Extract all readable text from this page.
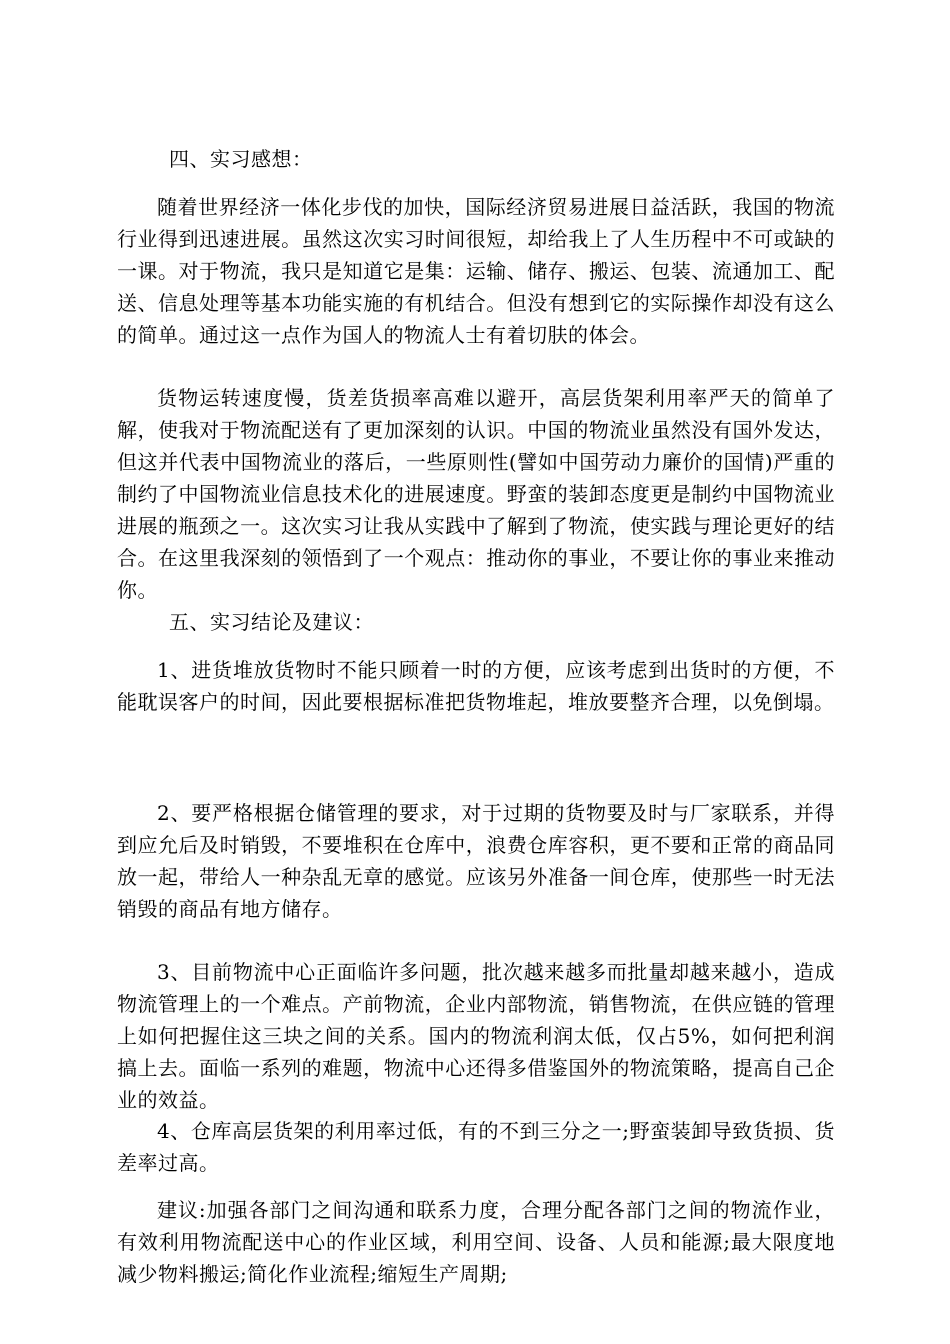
四、实习感想：

随着世界经济一体化步伐的加快，国际经济贸易进展日益活跃，我国的物流行业得到迅速进展。虽然这次实习时间很短，却给我上了人生历程中不可或缺的一课。对于物流，我只是知道它是集：运输、储存、搬运、包装、流通加工、配送、信息处理等基本功能实施的有机结合。但没有想到它的实际操作却没有这么的简单。通过这一点作为国人的物流人士有着切肤的体会。

货物运转速度慢，货差货损率高难以避开，高层货架利用率严天的简单了解，使我对于物流配送有了更加深刻的认识。中国的物流业虽然没有国外发达，但这并代表中国物流业的落后，一些原则性(譬如中国劳动力廉价的国情)严重的制约了中国物流业信息技术化的进展速度。野蛮的装卸态度更是制约中国物流业进展的瓶颈之一。这次实习让我从实践中了解到了物流，使实践与理论更好的结合。在这里我深刻的领悟到了一个观点：推动你的事业，不要让你的事业来推动你。

五、实习结论及建议：

1、进货堆放货物时不能只顾着一时的方便，应该考虑到出货时的方便，不能耽误客户的时间，因此要根据标准把货物堆起，堆放要整齐合理，以免倒塌。

2、要严格根据仓储管理的要求，对于过期的货物要及时与厂家联系，并得到应允后及时销毁，不要堆积在仓库中，浪费仓库容积，更不要和正常的商品同放一起，带给人一种杂乱无章的感觉。应该另外准备一间仓库，使那些一时无法销毁的商品有地方储存。

3、目前物流中心正面临许多问题，批次越来越多而批量却越来越小，造成物流管理上的一个难点。产前物流，企业内部物流，销售物流，在供应链的管理上如何把握住这三块之间的关系。国内的物流利润太低，仅占5%，如何把利润搞上去。面临一系列的难题，物流中心还得多借鉴国外的物流策略，提高自己企业的效益。

4、仓库高层货架的利用率过低，有的不到三分之一;野蛮装卸导致货损、货差率过高。

建议:加强各部门之间沟通和联系力度，合理分配各部门之间的物流作业，有效利用物流配送中心的作业区域，利用空间、设备、人员和能源;最大限度地减少物料搬运;简化作业流程;缩短生产周期;
